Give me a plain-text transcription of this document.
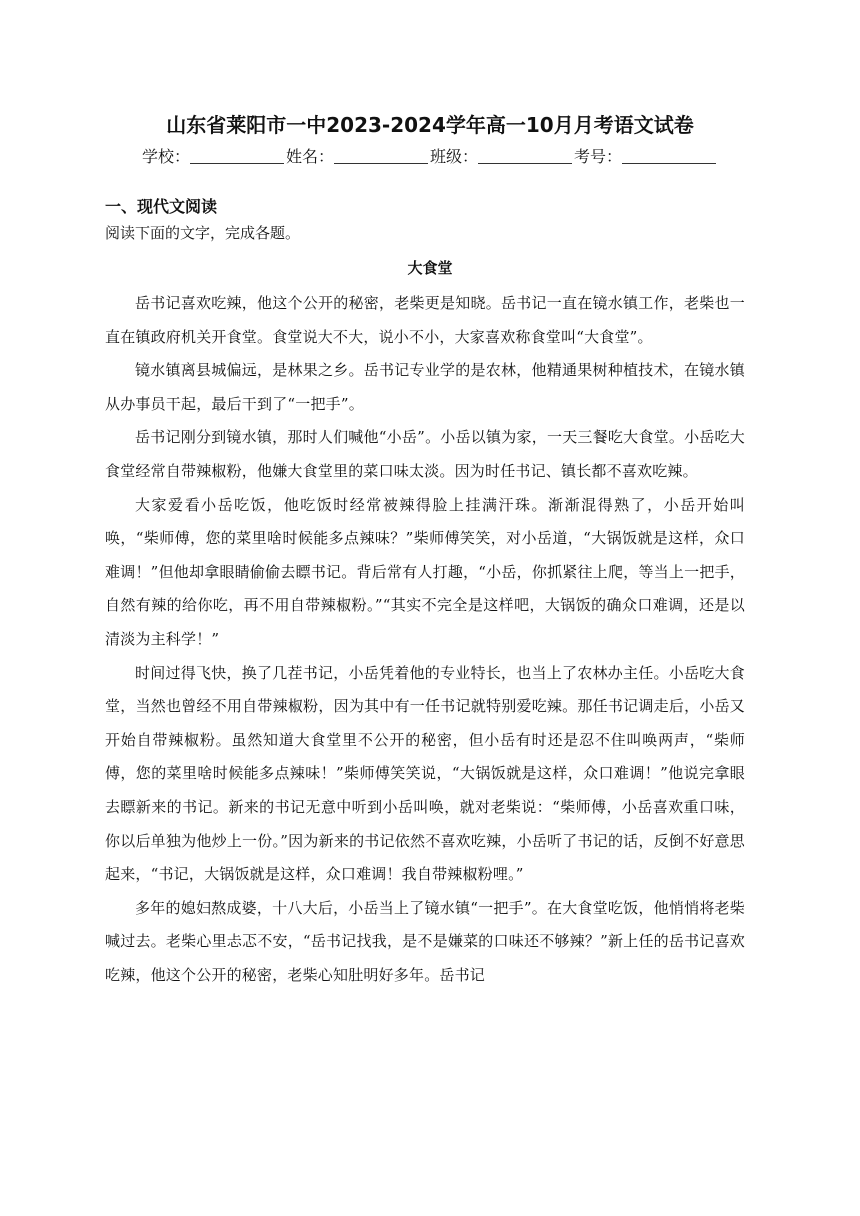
山东省莱阳市一中2023-2024学年高一10月月考语文试卷
学校：	姓名：	班级：	考号：
一、现代文阅读
阅读下面的文字，完成各题。
大食堂

岳书记喜欢吃辣，他这个公开的秘密，老柴更是知晓。岳书记一直在镜水镇工作，老柴也一直在镇政府机关开食堂。食堂说大不大，说小不小，大家喜欢称食堂叫“大食堂”。

镜水镇离县城偏远，是林果之乡。岳书记专业学的是农林，他精通果树种植技术，在镜水镇从办事员干起，最后干到了“一把手”。

岳书记刚分到镜水镇，那时人们喊他“小岳”。小岳以镇为家，一天三餐吃大食堂。小岳吃大食堂经常自带辣椒粉，他嫌大食堂里的菜口味太淡。因为时任书记、镇长都不喜欢吃辣。

大家爱看小岳吃饭，他吃饭时经常被辣得脸上挂满汗珠。渐渐混得熟了，小岳开始叫唤，“柴师傅，您的菜里啥时候能多点辣味？”柴师傅笑笑，对小岳道，“大锅饭就是这样，众口难调！”但他却拿眼睛偷偷去瞟书记。背后常有人打趣，“小岳，你抓紧往上爬，等当上一把手，自然有辣的给你吃，再不用自带辣椒粉。”“其实不完全是这样吧，大锅饭的确众口难调，还是以清淡为主科学！”

时间过得飞快，换了几茬书记，小岳凭着他的专业特长，也当上了农林办主任。小岳吃大食堂，当然也曾经不用自带辣椒粉，因为其中有一任书记就特别爱吃辣。那任书记调走后，小岳又开始自带辣椒粉。虽然知道大食堂里不公开的秘密，但小岳有时还是忍不住叫唤两声，“柴师傅，您的菜里啥时候能多点辣味！”柴师傅笑笑说，“大锅饭就是这样，众口难调！”他说完拿眼去瞟新来的书记。新来的书记无意中听到小岳叫唤，就对老柴说：“柴师傅，小岳喜欢重口味，你以后单独为他炒上一份。”因为新来的书记依然不喜欢吃辣，小岳听了书记的话，反倒不好意思起来，“书记，大锅饭就是这样，众口难调！我自带辣椒粉哩。”

多年的媳妇熬成婆，十八大后，小岳当上了镜水镇“一把手”。在大食堂吃饭，他悄悄将老柴喊过去。老柴心里忐忑不安，“岳书记找我，是不是嫌菜的口味还不够辣？”新上任的岳书记喜欢吃辣，他这个公开的秘密，老柴心知肚明好多年。岳书记
